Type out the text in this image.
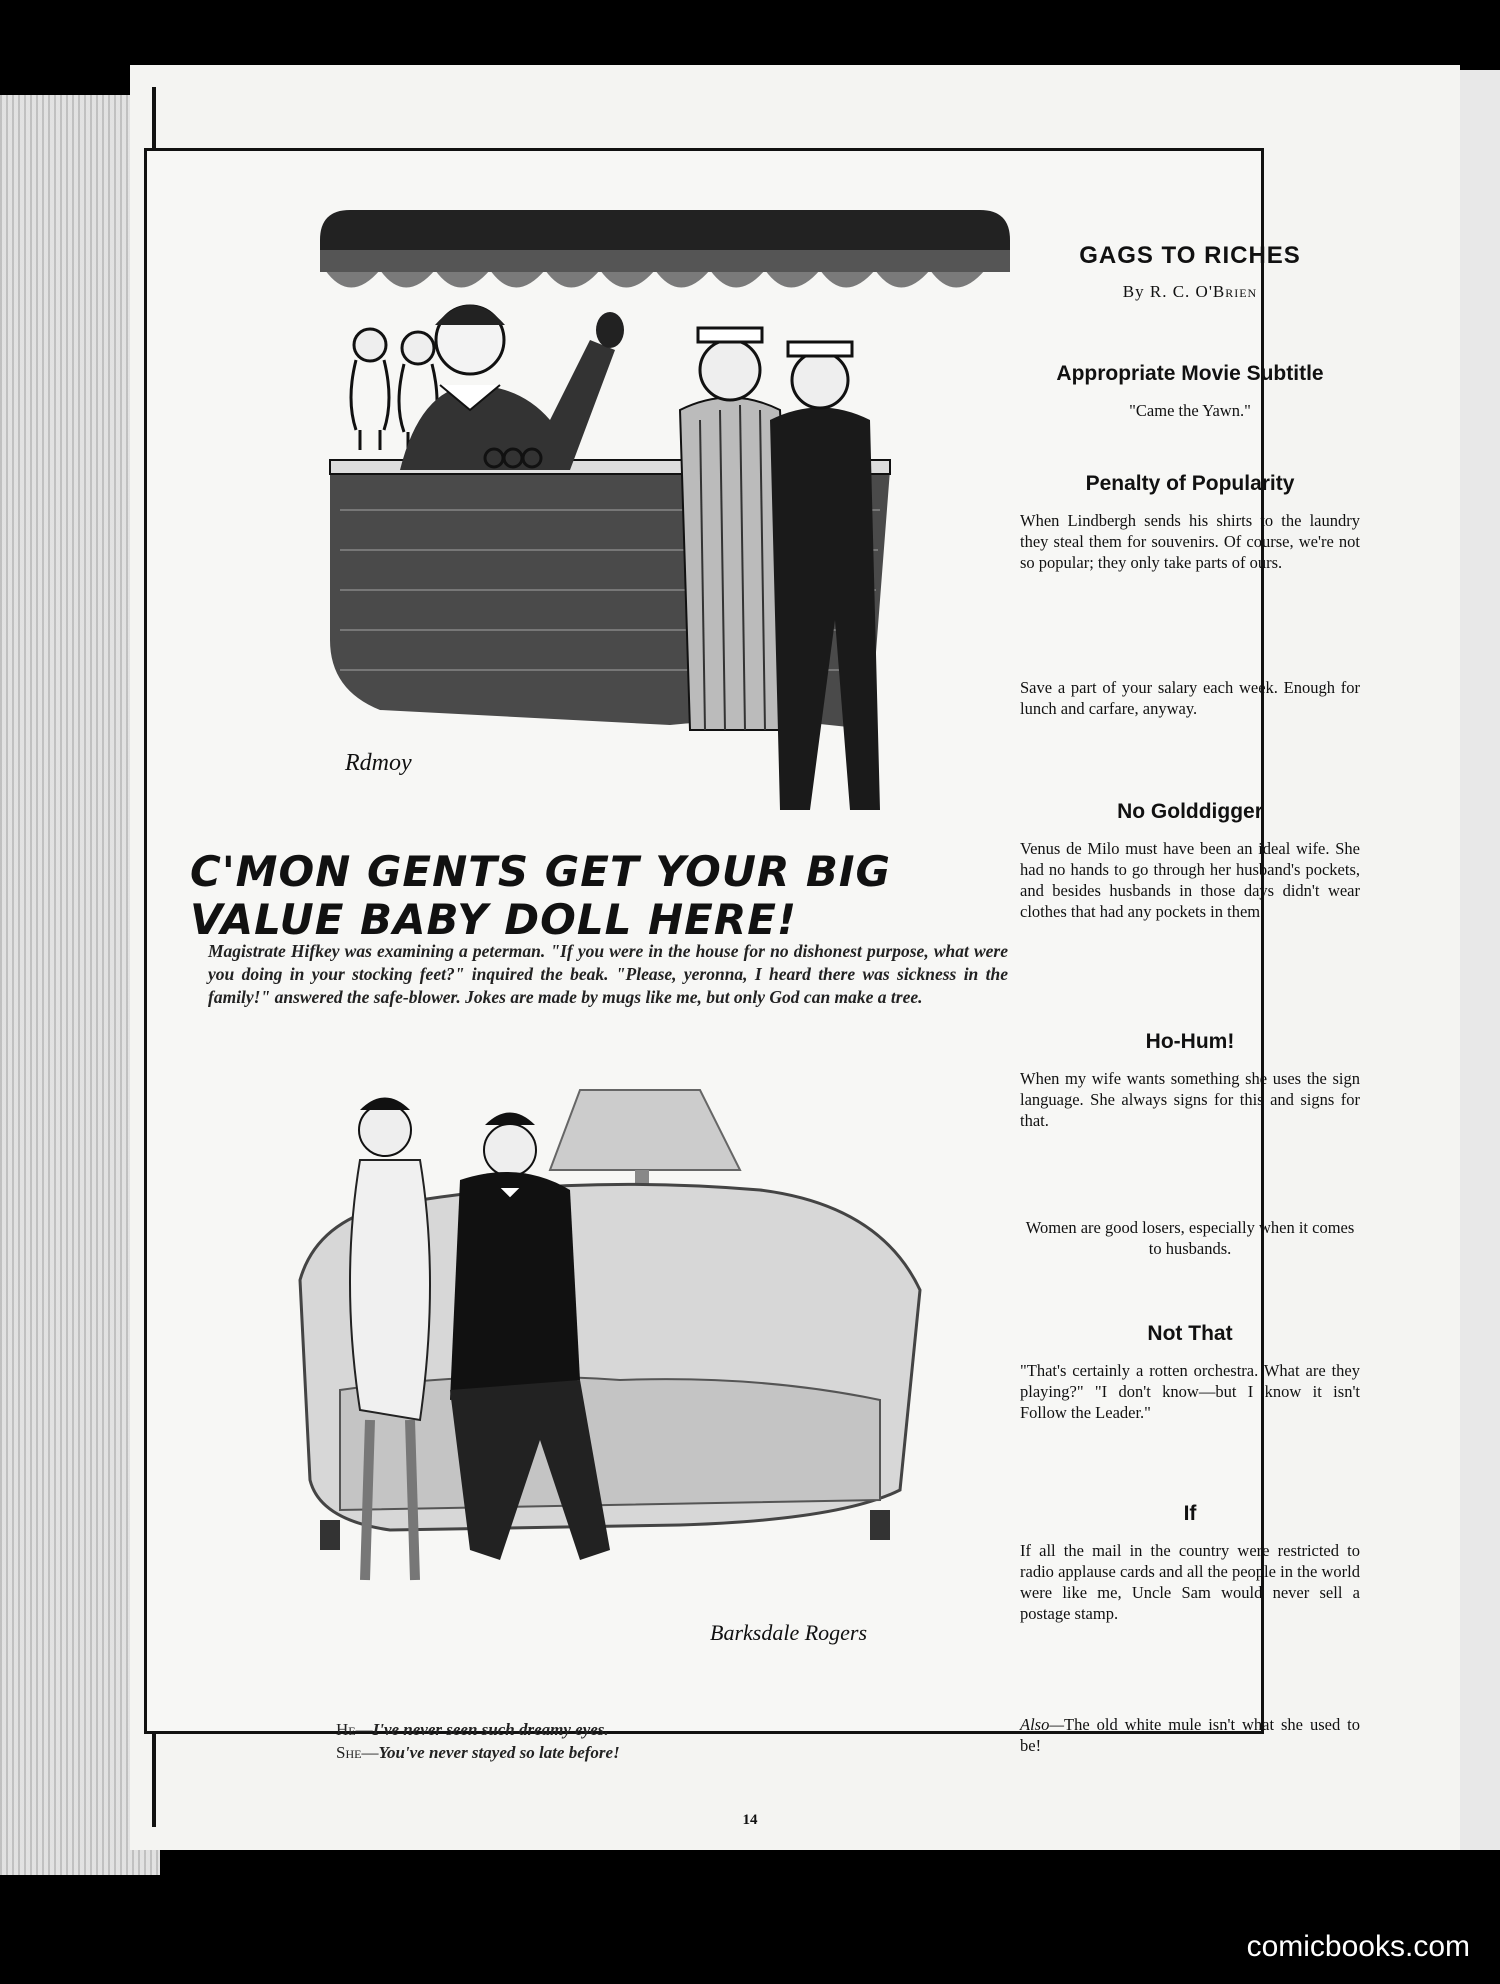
Rdmoy
C'MON GENTS GET YOUR BIG VALUE BABY DOLL HERE!
Magistrate Hifkey was examining a peterman. "If you were in the house for no dishonest purpose, what were you doing in your stocking feet?" inquired the beak. "Please, yeronna, I heard there was sickness in the family!" answered the safe-blower. Jokes are made by mugs like me, but only God can make a tree.
Barksdale Rogers
He—I've never seen such dreamy eyes.
She—You've never stayed so late before!
GAGS TO RICHES
By R. C. O'Brien
Appropriate Movie Subtitle
"Came the Yawn."
Penalty of Popularity
When Lindbergh sends his shirts to the laundry they steal them for souvenirs. Of course, we're not so popular; they only take parts of ours.
Save a part of your salary each week. Enough for lunch and carfare, anyway.
No Golddigger
Venus de Milo must have been an ideal wife. She had no hands to go through her husband's pockets, and besides husbands in those days didn't wear clothes that had any pockets in them.
Ho-Hum!
When my wife wants something she uses the sign language. She always signs for this and signs for that.
Women are good losers, especially when it comes to husbands.
Not That
"That's certainly a rotten orchestra. What are they playing?" "I don't know—but I know it isn't Follow the Leader."
If
If all the mail in the country were restricted to radio applause cards and all the people in the world were like me, Uncle Sam would never sell a postage stamp.
Also—The old white mule isn't what she used to be!
14
comicbooks.com
